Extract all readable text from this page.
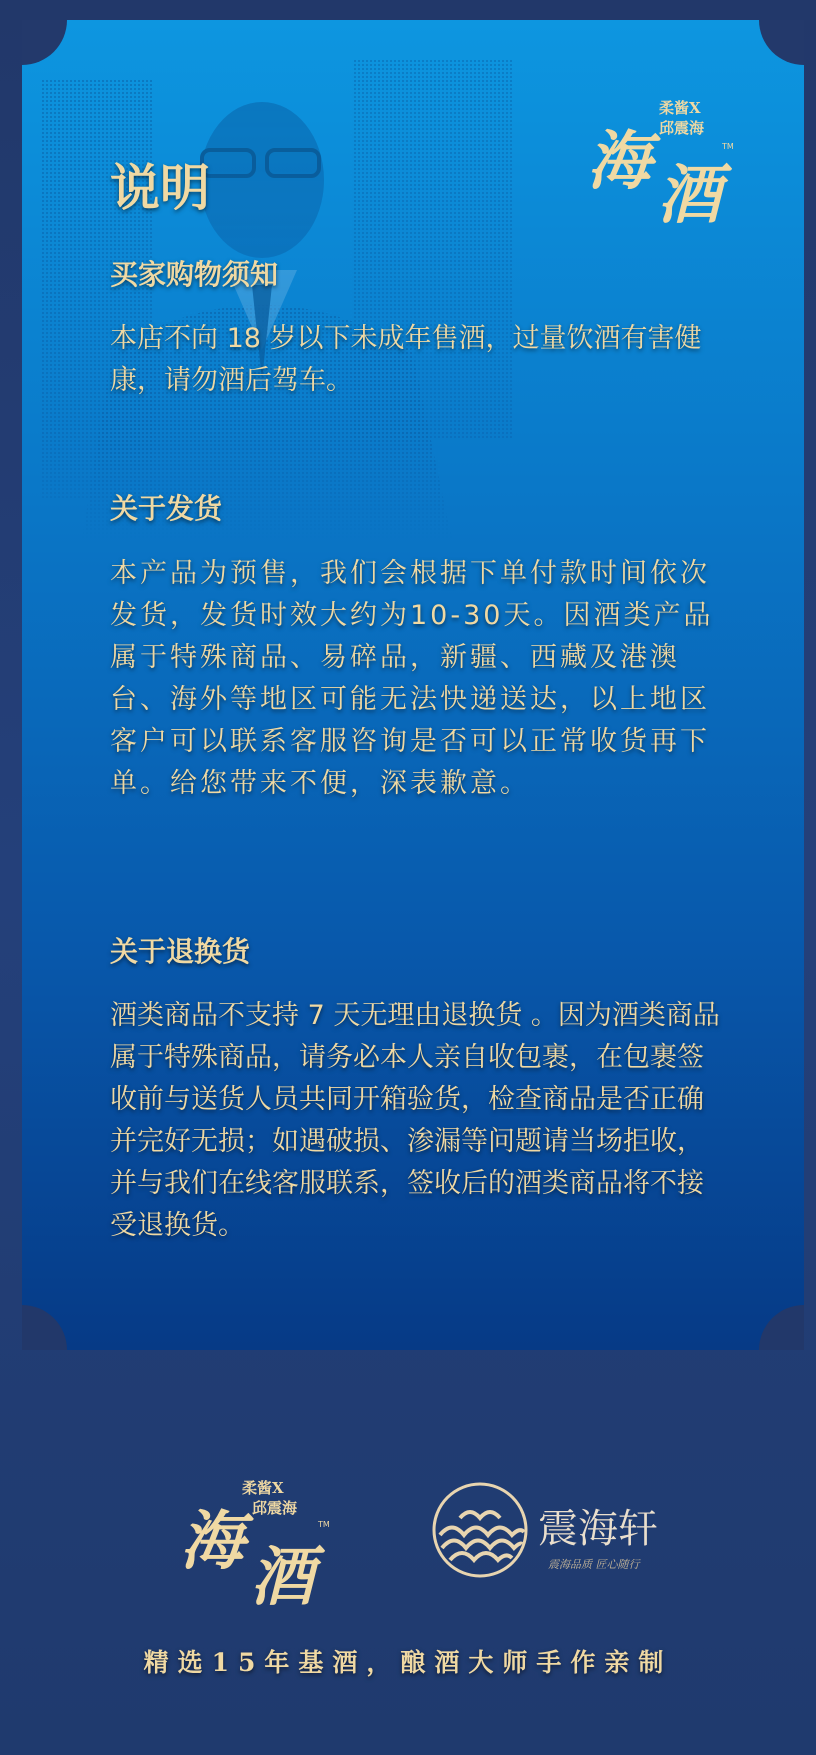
说明
买家购物须知
本店不向 18 岁以下未成年售酒，过量饮酒有害健康，请勿酒后驾车。
关于发货
本产品为预售，我们会根据下单付款时间依次发货，发货时效大约为10-30天。因酒类产品属于特殊商品、易碎品，新疆、西藏及港澳台、海外等地区可能无法快递送达，以上地区客户可以联系客服咨询是否可以正常收货再下单。给您带来不便，深表歉意。
关于退换货
酒类商品不支持 7 天无理由退换货 。因为酒类商品属于特殊商品，请务必本人亲自收包裹，在包裹签收前与送货人员共同开箱验货，检查商品是否正确并完好无损；如遇破损、渗漏等问题请当场拒收，并与我们在线客服联系，签收后的酒类商品将不接受退换货。
柔酱X
邱震海
海 酒
TM
柔酱X
邱震海
海 酒
TM	震海轩
震海品质 匠心随行
精选15年基酒，酿酒大师手作亲制
